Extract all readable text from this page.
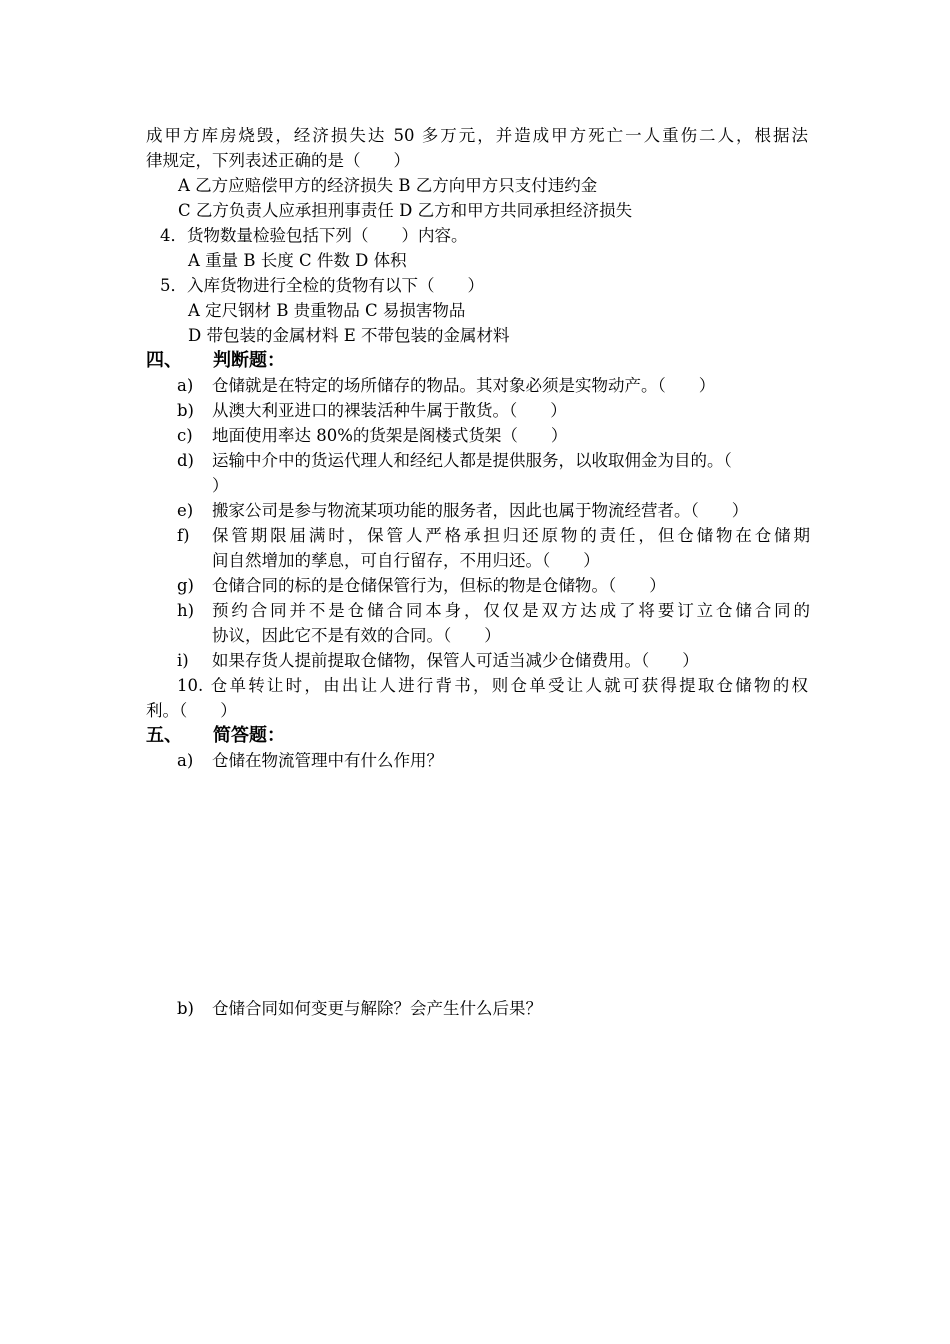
成甲方库房烧毁，经济损失达 50 多万元，并造成甲方死亡一人重伤二人，根据法
律规定，下列表述正确的是（　　）
A 乙方应赔偿甲方的经济损失 B 乙方向甲方只支付违约金
C 乙方负责人应承担刑事责任 D 乙方和甲方共同承担经济损失
4．货物数量检验包括下列（　　）内容。
A 重量 B 长度 C 件数 D 体积
5．入库货物进行全检的货物有以下（　　）
A 定尺钢材 B 贵重物品 C 易损害物品
D 带包装的金属材料 E 不带包装的金属材料
四、 判断题：
a) 仓储就是在特定的场所储存的物品。其对象必须是实物动产。（　　）
b) 从澳大利亚进口的裸装活种牛属于散货。（　　）
c) 地面使用率达 80%的货架是阁楼式货架（　　）
d) 运输中介中的货运代理人和经纪人都是提供服务，以收取佣金为目的。（
）
e) 搬家公司是参与物流某项功能的服务者，因此也属于物流经营者。（　　）
f) 保管期限届满时，保管人严格承担归还原物的责任，但仓储物在仓储期
间自然增加的孳息，可自行留存，不用归还。（　　）
g) 仓储合同的标的是仓储保管行为，但标的物是仓储物。（　　）
h) 预约合同并不是仓储合同本身，仅仅是双方达成了将要订立仓储合同的
协议，因此它不是有效的合同。（　　）
i) 如果存货人提前提取仓储物，保管人可适当减少仓储费用。（　　）
10. 仓单转让时，由出让人进行背书，则仓单受让人就可获得提取仓储物的权
利。（　　）
五、 简答题：
a) 仓储在物流管理中有什么作用？
b) 仓储合同如何变更与解除？会产生什么后果？
